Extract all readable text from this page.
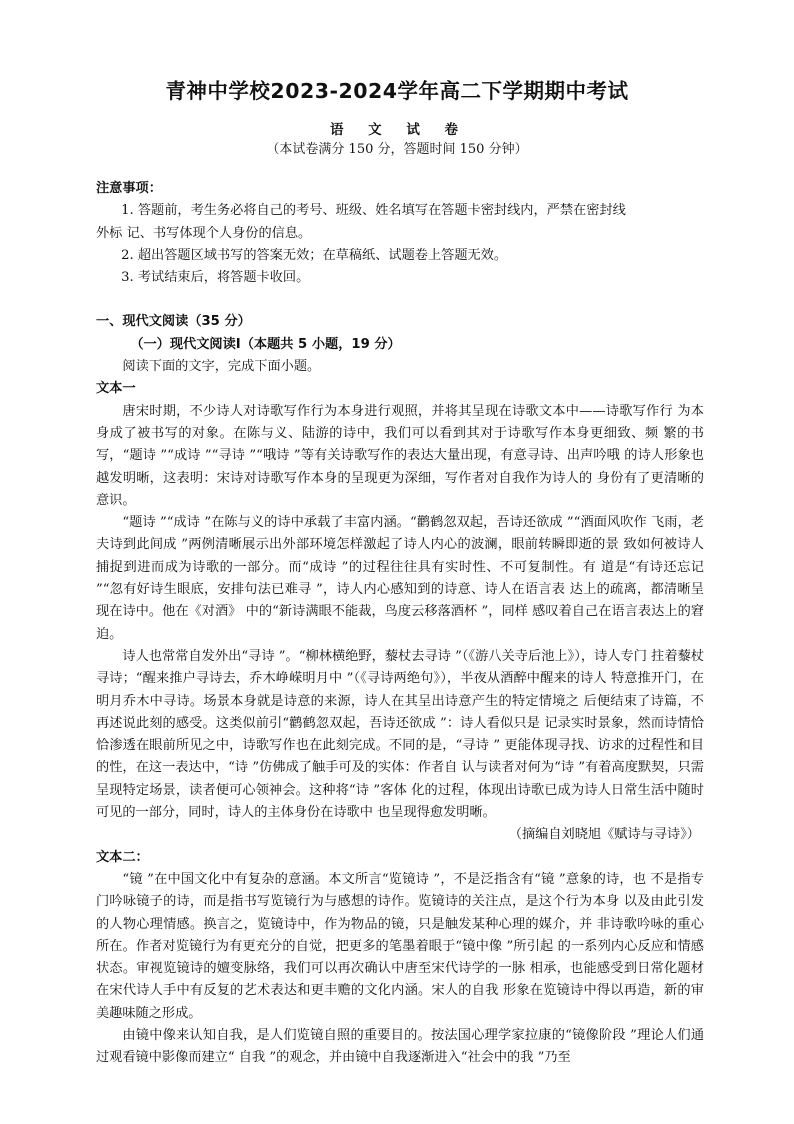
青神中学校2023-2024学年高二下学期期中考试
语 文 试 卷
（本试卷满分 150 分，答题时间 150 分钟）

注意事项：

1. 答题前，考生务必将自己的考号、班级、姓名填写在答题卡密封线内，严禁在密封线

外标 记、书写体现个人身份的信息。

2. 超出答题区域书写的答案无效；在草稿纸、试题卷上答题无效。

3. 考试结束后，将答题卡收回。

一、现代文阅读（35 分）

（一）现代文阅读Ⅰ（本题共 5 小题，19 分）

阅读下面的文字，完成下面小题。

文本一

唐宋时期，不少诗人对诗歌写作行为本身进行观照，并将其呈现在诗歌文本中——诗歌写作行 为本身成了被书写的对象。在陈与义、陆游的诗中，我们可以看到其对于诗歌写作本身更细致、频 繁的书写，“题诗 ”“成诗 ”“寻诗 ”“哦诗 ”等有关诗歌写作的表达大量出现，有意寻诗、出声吟哦 的诗人形象也越发明晰，这表明：宋诗对诗歌写作本身的呈现更为深细，写作者对自我作为诗人的 身份有了更清晰的意识。

“题诗 ”“成诗 ”在陈与义的诗中承载了丰富内涵。“鹳鹤忽双起，吾诗还欲成 ”“酒面风吹作 飞雨，老夫诗到此间成 ”两例清晰展示出外部环境怎样激起了诗人内心的波澜，眼前转瞬即逝的景 致如何被诗人捕捉到进而成为诗歌的一部分。而“成诗 ”的过程往往具有实时性、不可复制性。有 道是“有诗还忘记 ”“忽有好诗生眼底，安排句法已难寻 ”，诗人内心感知到的诗意、诗人在语言表 达上的疏离，都清晰呈现在诗中。他在《对酒》 中的“新诗满眼不能裁，鸟度云移落酒杯 ”，同样 感叹着自己在语言表达上的窘迫。

诗人也常常自发外出“寻诗 ”。“柳林横绝野，藜杖去寻诗 ”（《游八关寺后池上》），诗人专门 拄着藜杖寻诗；“醒来推户寻诗去，乔木峥嵘明月中 ”（《寻诗两绝句》），半夜从酒醉中醒来的诗人 特意推开门，在明月乔木中寻诗。场景本身就是诗意的来源，诗人在其呈出诗意产生的特定情境之 后便结束了诗篇，不再述说此刻的感受。这类似前引“鹳鹤忽双起，吾诗还欲成 ”：诗人看似只是 记录实时景象，然而诗情恰恰渗透在眼前所见之中，诗歌写作也在此刻完成。不同的是，“寻诗 ” 更能体现寻找、访求的过程性和目的性，在这一表达中，“诗 ”仿佛成了触手可及的实体：作者自 认与读者对何为“诗 ”有着高度默契，只需呈现特定场景，读者便可心领神会。这种将“诗 ”客体 化的过程，体现出诗歌已成为诗人日常生活中随时可见的一部分，同时，诗人的主体身份在诗歌中 也呈现得愈发明晰。

（摘编自刘晓旭《赋诗与寻诗》）

文本二：

“镜 ”在中国文化中有复杂的意涵。本文所言“览镜诗 ”，不是泛指含有“镜 ”意象的诗，也 不是指专门吟咏镜子的诗，而是指书写览镜行为与感想的诗作。览镜诗的关注点，是这个行为本身 以及由此引发的人物心理情感。换言之，览镜诗中，作为物品的镜，只是触发某种心理的媒介，并 非诗歌吟咏的重心所在。作者对览镜行为有更充分的自觉，把更多的笔墨着眼于“镜中像 ”所引起 的一系列内心反应和情感状态。审视览镜诗的嬗变脉络，我们可以再次确认中唐至宋代诗学的一脉 相承，也能感受到日常化题材在宋代诗人手中有反复的艺术表达和更丰赡的文化内涵。宋人的自我 形象在览镜诗中得以再造，新的审美趣味随之形成。

由镜中像来认知自我，是人们览镜自照的重要目的。按法国心理学家拉康的“镜像阶段 ”理论人们通过观看镜中影像而建立“ 自我 ”的观念，并由镜中自我逐渐进入“社会中的我 ”乃至
